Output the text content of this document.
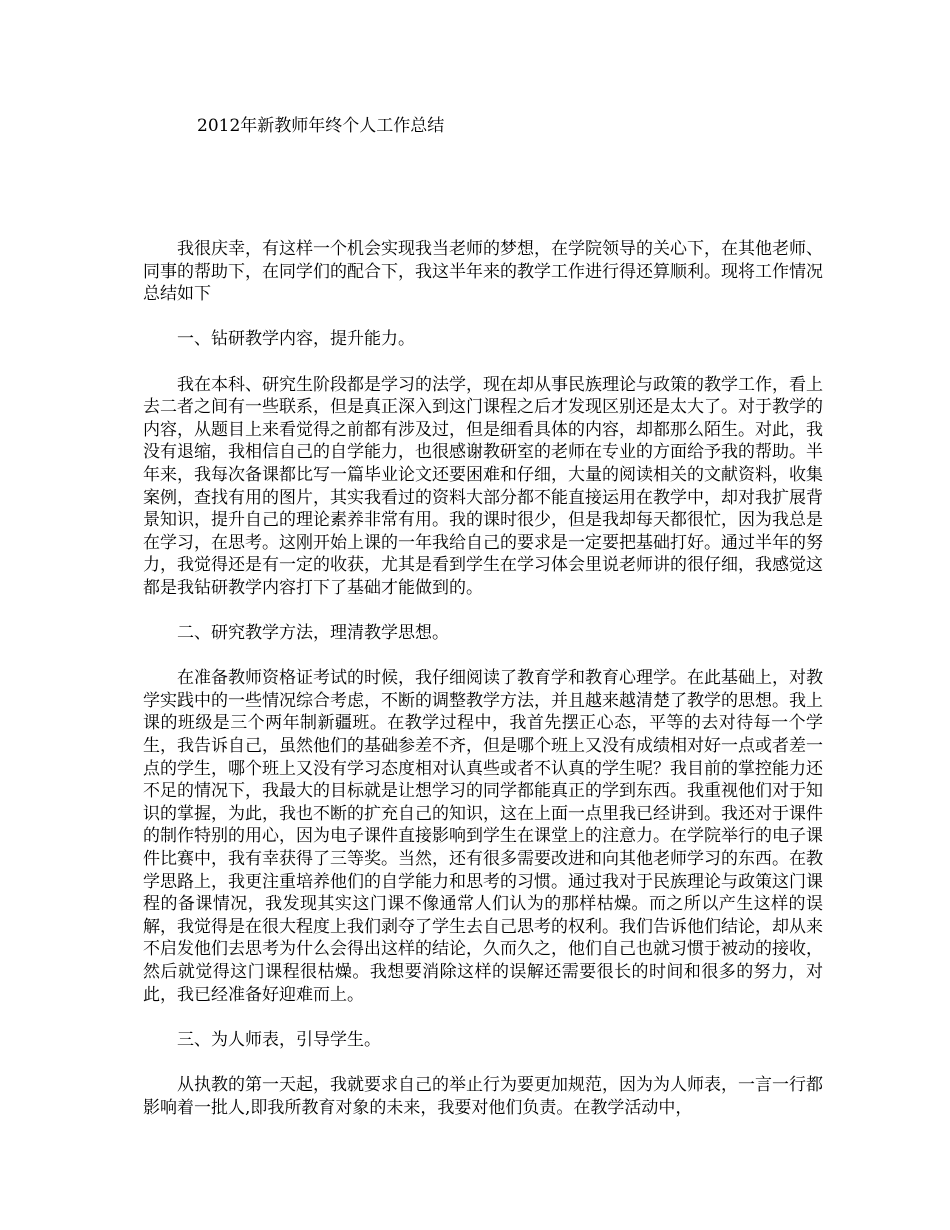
2012年新教师年终个人工作总结

我很庆幸，有这样一个机会实现我当老师的梦想，在学院领导的关心下，在其他老师、同事的帮助下，在同学们的配合下，我这半年来的教学工作进行得还算顺利。现将工作情况总结如下

一、钻研教学内容，提升能力。

我在本科、研究生阶段都是学习的法学，现在却从事民族理论与政策的教学工作，看上去二者之间有一些联系，但是真正深入到这门课程之后才发现区别还是太大了。对于教学的内容，从题目上来看觉得之前都有涉及过，但是细看具体的内容，却都那么陌生。对此，我没有退缩，我相信自己的自学能力，也很感谢教研室的老师在专业的方面给予我的帮助。半年来，我每次备课都比写一篇毕业论文还要困难和仔细，大量的阅读相关的文献资料，收集案例，查找有用的图片，其实我看过的资料大部分都不能直接运用在教学中，却对我扩展背景知识，提升自己的理论素养非常有用。我的课时很少，但是我却每天都很忙，因为我总是在学习，在思考。这刚开始上课的一年我给自己的要求是一定要把基础打好。通过半年的努力，我觉得还是有一定的收获，尤其是看到学生在学习体会里说老师讲的很仔细，我感觉这都是我钻研教学内容打下了基础才能做到的。

二、研究教学方法，理清教学思想。

在准备教师资格证考试的时候，我仔细阅读了教育学和教育心理学。在此基础上，对教学实践中的一些情况综合考虑，不断的调整教学方法，并且越来越清楚了教学的思想。我上课的班级是三个两年制新疆班。在教学过程中，我首先摆正心态，平等的去对待每一个学生，我告诉自己，虽然他们的基础参差不齐，但是哪个班上又没有成绩相对好一点或者差一点的学生，哪个班上又没有学习态度相对认真些或者不认真的学生呢？我目前的掌控能力还不足的情况下，我最大的目标就是让想学习的同学都能真正的学到东西。我重视他们对于知识的掌握，为此，我也不断的扩充自己的知识，这在上面一点里我已经讲到。我还对于课件的制作特别的用心，因为电子课件直接影响到学生在课堂上的注意力。在学院举行的电子课件比赛中，我有幸获得了三等奖。当然，还有很多需要改进和向其他老师学习的东西。在教学思路上，我更注重培养他们的自学能力和思考的习惯。通过我对于民族理论与政策这门课程的备课情况，我发现其实这门课不像通常人们认为的那样枯燥。而之所以产生这样的误解，我觉得是在很大程度上我们剥夺了学生去自己思考的权利。我们告诉他们结论，却从来不启发他们去思考为什么会得出这样的结论，久而久之，他们自己也就习惯于被动的接收，然后就觉得这门课程很枯燥。我想要消除这样的误解还需要很长的时间和很多的努力，对此，我已经准备好迎难而上。

三、为人师表，引导学生。

从执教的第一天起，我就要求自己的举止行为要更加规范，因为为人师表，一言一行都影响着一批人,即我所教育对象的未来，我要对他们负责。在教学活动中，
